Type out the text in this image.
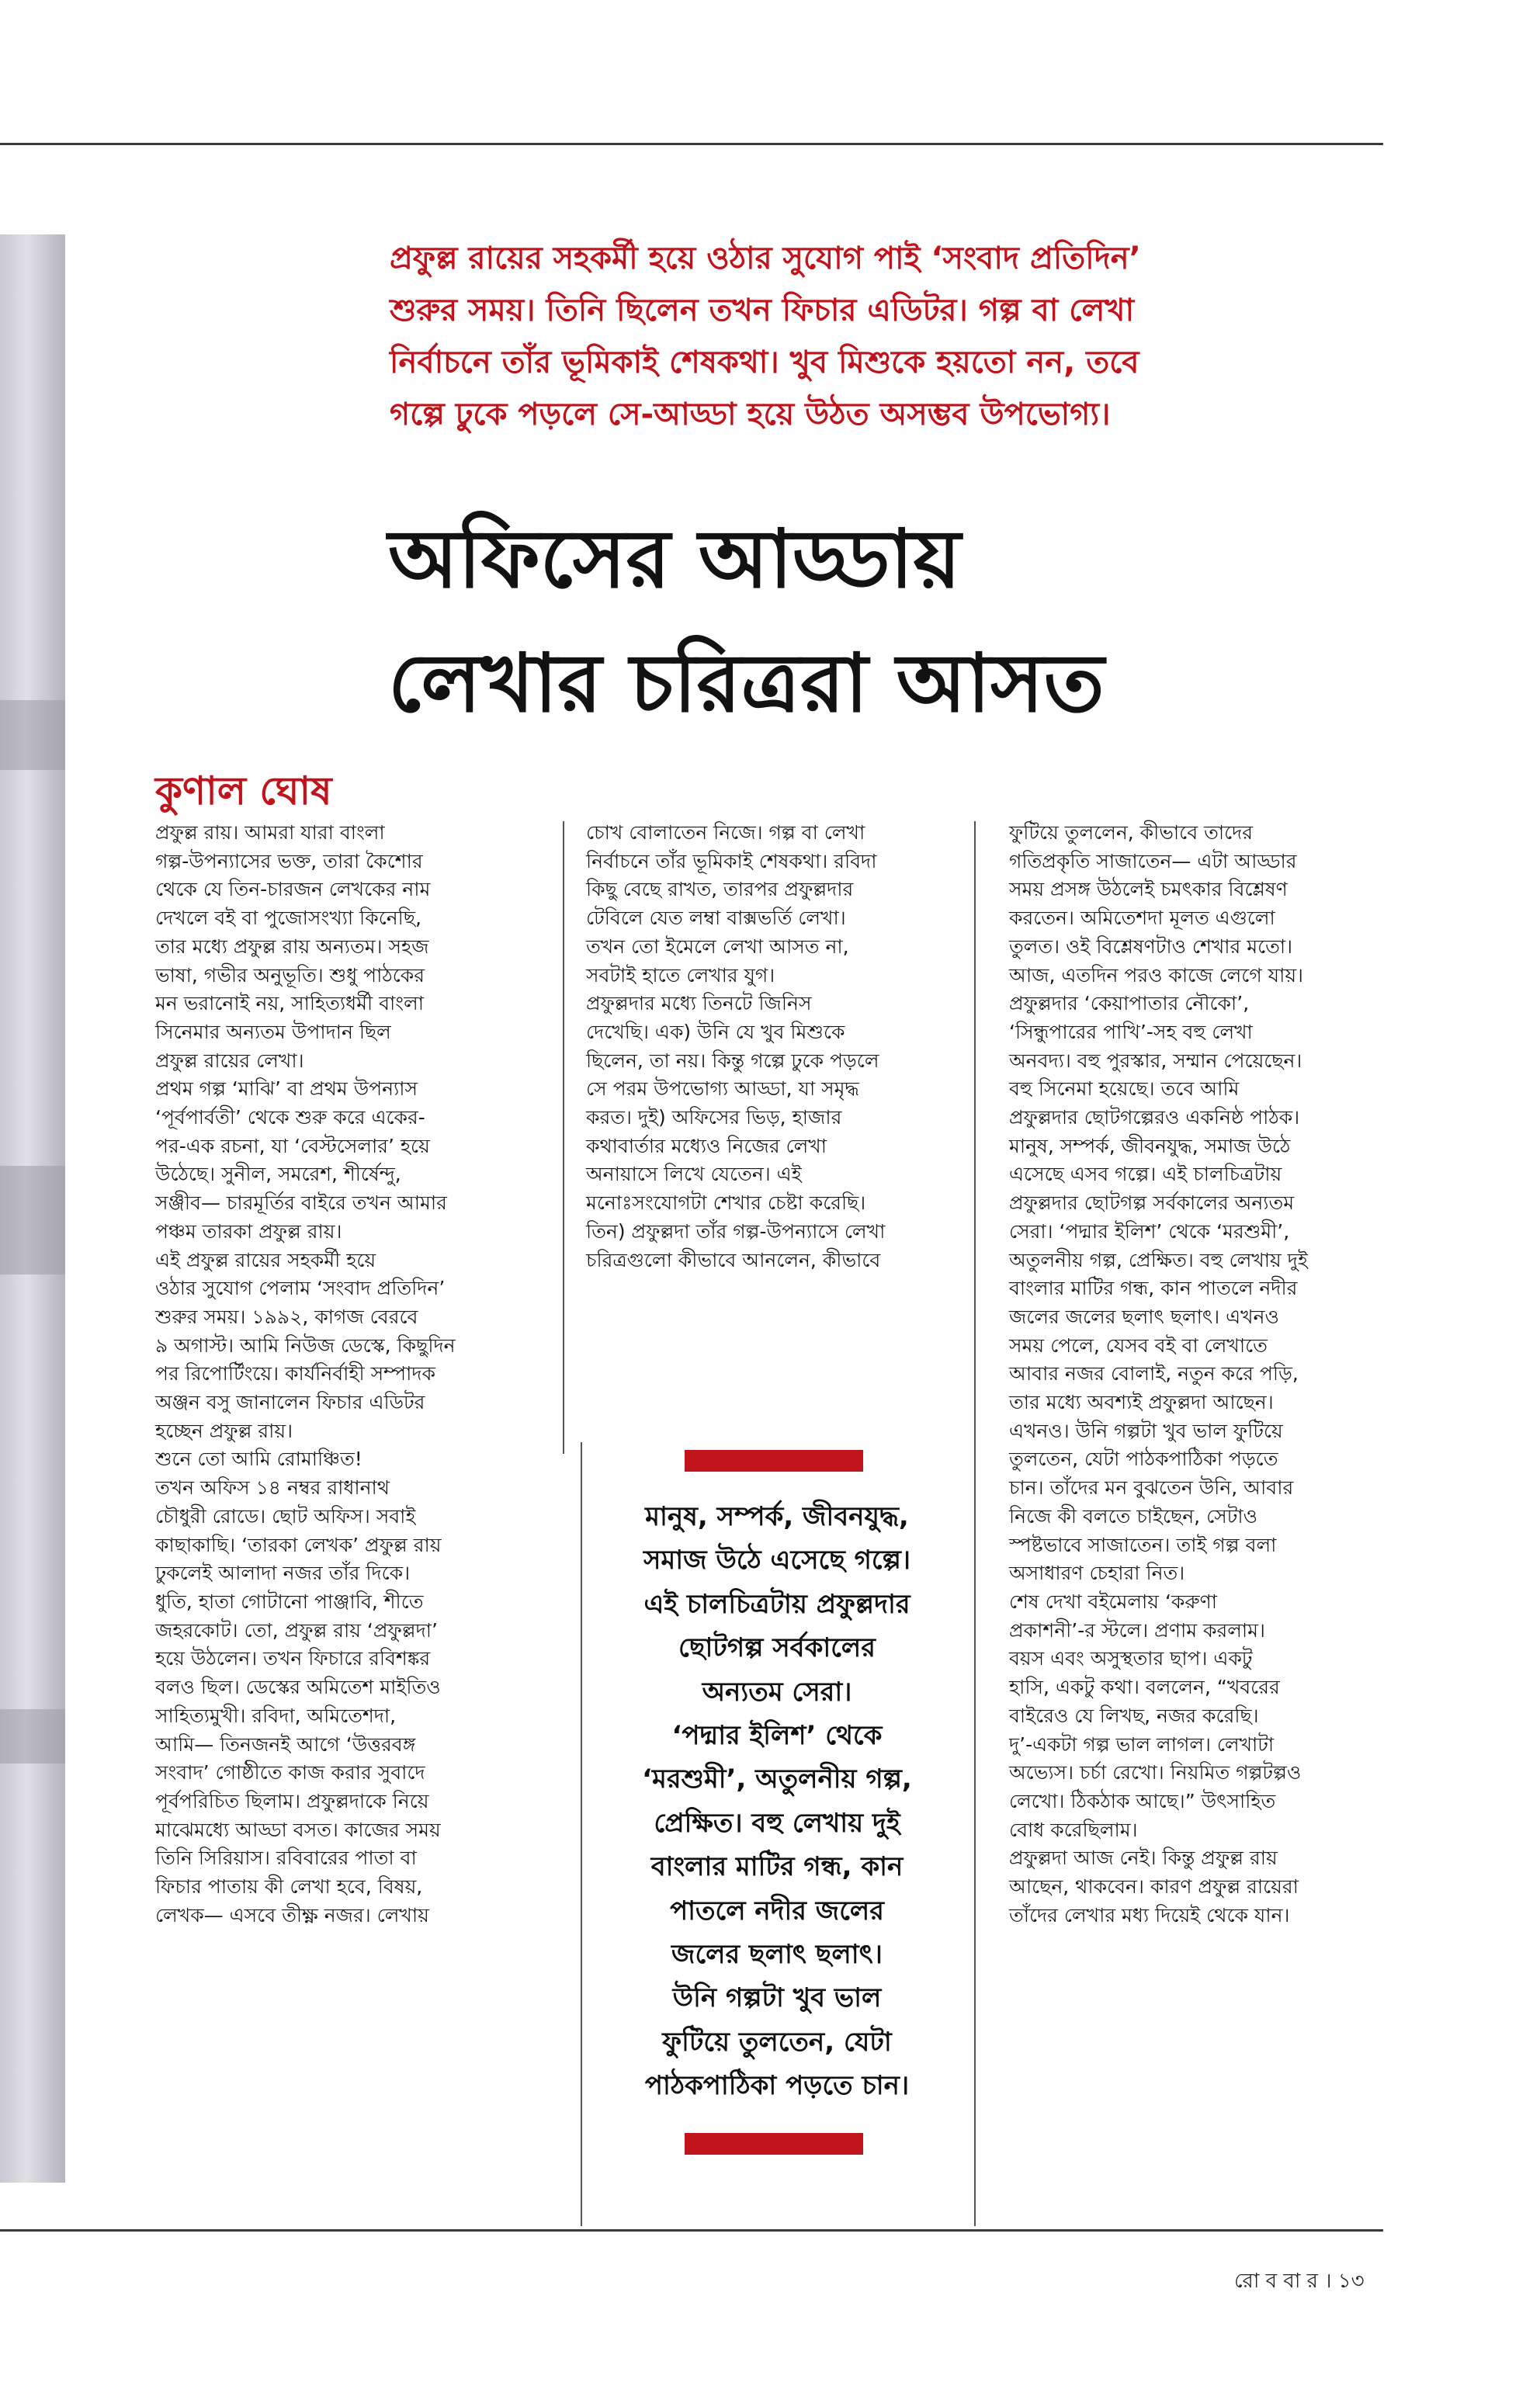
প্রফুল্ল রায়ের সহকর্মী হয়ে ওঠার সুযোগ পাই ‘সংবাদ প্রতিদিন’

শুরুর সময়। তিনি ছিলেন তখন ফিচার এডিটর। গল্প বা লেখা

নির্বাচনে তাঁর ভূমিকাই শেষকথা। খুব মিশুকে হয়তো নন, তবে

গল্পে ঢুকে পড়লে সে-আড্ডা হয়ে উঠত অসম্ভব উপভোগ্য।

অফিসের আড্ডায়

লেখার চরিত্ররা আসত

কুণাল ঘোষ

প্রফুল্ল রায়। আমরা যারা বাংলা

গল্প-উপন্যাসের ভক্ত, তারা কৈশোর

থেকে যে তিন-চারজন লেখকের নাম

দেখলে বই বা পুজোসংখ্যা কিনেছি,

তার মধ্যে প্রফুল্ল রায় অন্যতম। সহজ

ভাষা, গভীর অনুভূতি। শুধু পাঠকের

মন ভরানোই নয়, সাহিত্যধর্মী বাংলা

সিনেমার অন্যতম উপাদান ছিল

প্রফুল্ল রায়ের লেখা।

প্রথম গল্প ‘মাঝি’ বা প্রথম উপন্যাস

‘পূর্বপার্বতী’ থেকে শুরু করে একের-

পর-এক রচনা, যা ‘বেস্টসেলার’ হয়ে

উঠেছে। সুনীল, সমরেশ, শীর্ষেন্দু,

সঞ্জীব— চারমূর্তির বাইরে তখন আমার

পঞ্চম তারকা প্রফুল্ল রায়।

এই প্রফুল্ল রায়ের সহকর্মী হয়ে

ওঠার সুযোগ পেলাম ‘সংবাদ প্রতিদিন’

শুরুর সময়। ১৯৯২, কাগজ বেরবে

৯ অগাস্ট। আমি নিউজ ডেস্কে, কিছুদিন

পর রিপোর্টিংয়ে। কার্যনির্বাহী সম্পাদক

অঞ্জন বসু জানালেন ফিচার এডিটর

হচ্ছেন প্রফুল্ল রায়।

শুনে তো আমি রোমাঞ্চিত!

তখন অফিস ১৪ নম্বর রাধানাথ

চৌধুরী রোডে। ছোট অফিস। সবাই

কাছাকাছি। ‘তারকা লেখক’ প্রফুল্ল রায়

ঢুকলেই আলাদা নজর তাঁর দিকে।

ধুতি, হাতা গোটানো পাঞ্জাবি, শীতে

জহরকোট। তো, প্রফুল্ল রায় ‘প্রফুল্লদা’

হয়ে উঠলেন। তখন ফিচারে রবিশঙ্কর

বলও ছিল। ডেস্কের অমিতেশ মাইতিও

সাহিত্যমুখী। রবিদা, অমিতেশদা,

আমি— তিনজনই আগে ‘উত্তরবঙ্গ

সংবাদ’ গোষ্ঠীতে কাজ করার সুবাদে

পূর্বপরিচিত ছিলাম। প্রফুল্লদাকে নিয়ে

মাঝেমধ্যে আড্ডা বসত। কাজের সময়

তিনি সিরিয়াস। রবিবারের পাতা বা

ফিচার পাতায় কী লেখা হবে, বিষয়,

লেখক— এসবে তীক্ষ্ণ নজর। লেখায়

চোখ বোলাতেন নিজে। গল্প বা লেখা

নির্বাচনে তাঁর ভূমিকাই শেষকথা। রবিদা

কিছু বেছে রাখত, তারপর প্রফুল্লদার

টেবিলে যেত লম্বা বাক্সভর্তি লেখা।

তখন তো ইমেলে লেখা আসত না,

সবটাই হাতে লেখার যুগ।

প্রফুল্লদার মধ্যে তিনটে জিনিস

দেখেছি। এক) উনি যে খুব মিশুকে

ছিলেন, তা নয়। কিন্তু গল্পে ঢুকে পড়লে

সে পরম উপভোগ্য আড্ডা, যা সমৃদ্ধ

করত। দুই) অফিসের ভিড়, হাজার

কথাবার্তার মধ্যেও নিজের লেখা

অনায়াসে লিখে যেতেন। এই

মনোঃসংযোগটা শেখার চেষ্টা করেছি।

তিন) প্রফুল্লদা তাঁর গল্প-উপন্যাসে লেখা

চরিত্রগুলো কীভাবে আনলেন, কীভাবে

মানুষ, সম্পর্ক, জীবনযুদ্ধ,

সমাজ উঠে এসেছে গল্পে।

এই চালচিত্রটায় প্রফুল্লদার

ছোটগল্প সর্বকালের

অন্যতম সেরা।

‘পদ্মার ইলিশ’ থেকে

‘মরশুমী’, অতুলনীয় গল্প,

প্রেক্ষিত। বহু লেখায় দুই

বাংলার মাটির গন্ধ, কান

পাতলে নদীর জলের

জলের ছলাৎ ছলাৎ।

উনি গল্পটা খুব ভাল

ফুটিয়ে তুলতেন, যেটা

পাঠকপাঠিকা পড়তে চান।

ফুটিয়ে তুললেন, কীভাবে তাদের

গতিপ্রকৃতি সাজাতেন— এটা আড্ডার

সময় প্রসঙ্গ উঠলেই চমৎকার বিশ্লেষণ

করতেন। অমিতেশদা মূলত এগুলো

তুলত। ওই বিশ্লেষণটাও শেখার মতো।

আজ, এতদিন পরও কাজে লেগে যায়।

প্রফুল্লদার ‘কেয়াপাতার নৌকো’,

‘সিন্ধুপারের পাখি’-সহ বহু লেখা

অনবদ্য। বহু পুরস্কার, সম্মান পেয়েছেন।

বহু সিনেমা হয়েছে। তবে আমি

প্রফুল্লদার ছোটগল্পেরও একনিষ্ঠ পাঠক।

মানুষ, সম্পর্ক, জীবনযুদ্ধ, সমাজ উঠে

এসেছে এসব গল্পে। এই চালচিত্রটায়

প্রফুল্লদার ছোটগল্প সর্বকালের অন্যতম

সেরা। ‘পদ্মার ইলিশ’ থেকে ‘মরশুমী’,

অতুলনীয় গল্প, প্রেক্ষিত। বহু লেখায় দুই

বাংলার মাটির গন্ধ, কান পাতলে নদীর

জলের জলের ছলাৎ ছলাৎ। এখনও

সময় পেলে, যেসব বই বা লেখাতে

আবার নজর বোলাই, নতুন করে পড়ি,

তার মধ্যে অবশ্যই প্রফুল্লদা আছেন।

এখনও। উনি গল্পটা খুব ভাল ফুটিয়ে

তুলতেন, যেটা পাঠকপাঠিকা পড়তে

চান। তাঁদের মন বুঝতেন উনি, আবার

নিজে কী বলতে চাইছেন, সেটাও

স্পষ্টভাবে সাজাতেন। তাই গল্প বলা

অসাধারণ চেহারা নিত।

শেষ দেখা বইমেলায় ‘করুণা

প্রকাশনী’-র স্টলে। প্রণাম করলাম।

বয়স এবং অসুস্থতার ছাপ। একটু

হাসি, একটু কথা। বললেন, “খবরের

বাইরেও যে লিখছ, নজর করেছি।

দু’-একটা গল্প ভাল লাগল। লেখাটা

অভ্যেস। চর্চা রেখো। নিয়মিত গল্পটল্পও

লেখো। ঠিকঠাক আছে।” উৎসাহিত

বোধ করেছিলাম।

প্রফুল্লদা আজ নেই। কিন্তু প্রফুল্ল রায়

আছেন, থাকবেন। কারণ প্রফুল্ল রায়েরা

তাঁদের লেখার মধ্য দিয়েই থেকে যান।

রো ব বা র । ১৩
